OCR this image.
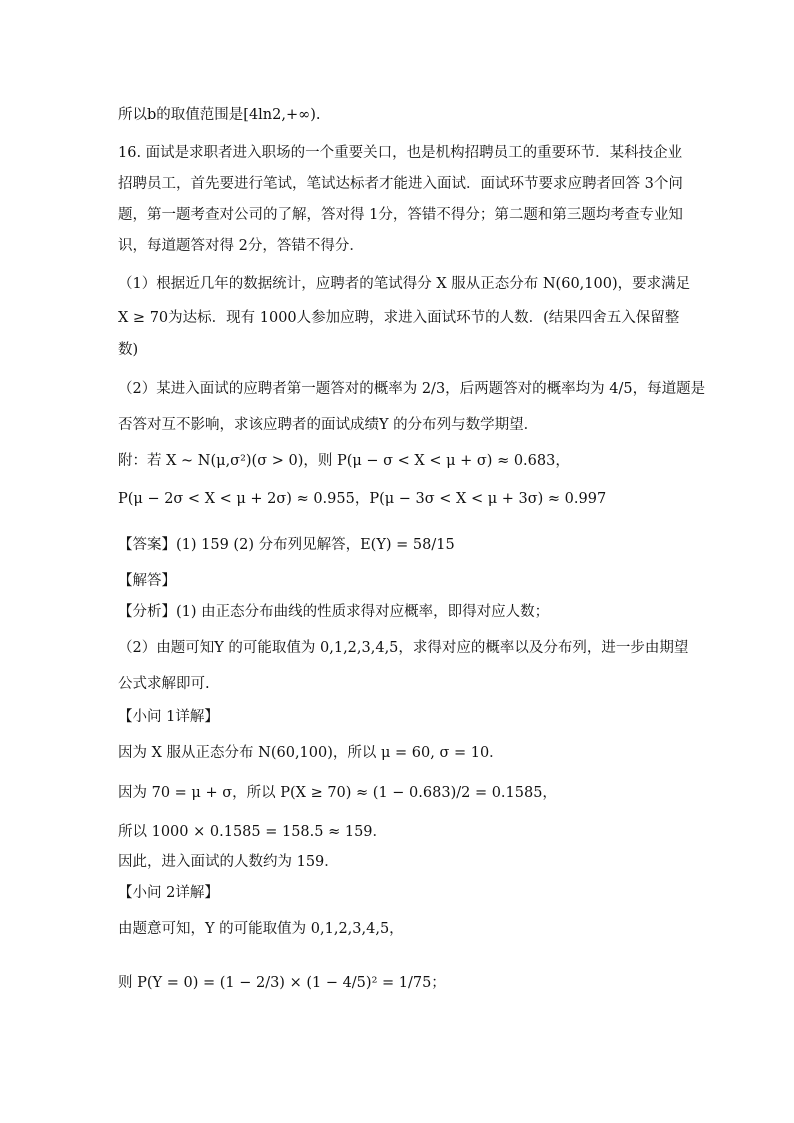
所以b的取值范围是[4ln2,+∞).
16. 面试是求职者进入职场的一个重要关口，也是机构招聘员工的重要环节．某科技企业
招聘员工，首先要进行笔试，笔试达标者才能进入面试．面试环节要求应聘者回答 3个问
题，第一题考查对公司的了解，答对得 1分，答错不得分；第二题和第三题均考查专业知
识，每道题答对得 2分，答错不得分．
（1）根据近几年的数据统计，应聘者的笔试得分 X 服从正态分布 N(60,100)，要求满足
X ≥ 70为达标．现有 1000人参加应聘，求进入面试环节的人数．(结果四舍五入保留整
数)
（2）某进入面试的应聘者第一题答对的概率为 2/3，后两题答对的概率均为 4/5，每道题是
否答对互不影响，求该应聘者的面试成绩Y 的分布列与数学期望．
附：若 X ~ N(μ,σ²)(σ > 0)，则 P(μ − σ < X < μ + σ) ≈ 0.683，
P(μ − 2σ < X < μ + 2σ) ≈ 0.955，P(μ − 3σ < X < μ + 3σ) ≈ 0.997
【答案】(1) 159 (2) 分布列见解答，E(Y) = 58/15
【解答】
【分析】(1) 由正态分布曲线的性质求得对应概率，即得对应人数；
（2）由题可知Y 的可能取值为 0,1,2,3,4,5，求得对应的概率以及分布列，进一步由期望
公式求解即可.
【小问 1详解】
因为 X 服从正态分布 N(60,100)，所以 μ = 60, σ = 10．
因为 70 = μ + σ，所以 P(X ≥ 70) ≈ (1 − 0.683)/2 = 0.1585，
所以 1000 × 0.1585 = 158.5 ≈ 159．
因此，进入面试的人数约为 159．
【小问 2详解】
由题意可知，Y 的可能取值为 0,1,2,3,4,5，
则 P(Y = 0) = (1 − 2/3) × (1 − 4/5)² = 1/75；
